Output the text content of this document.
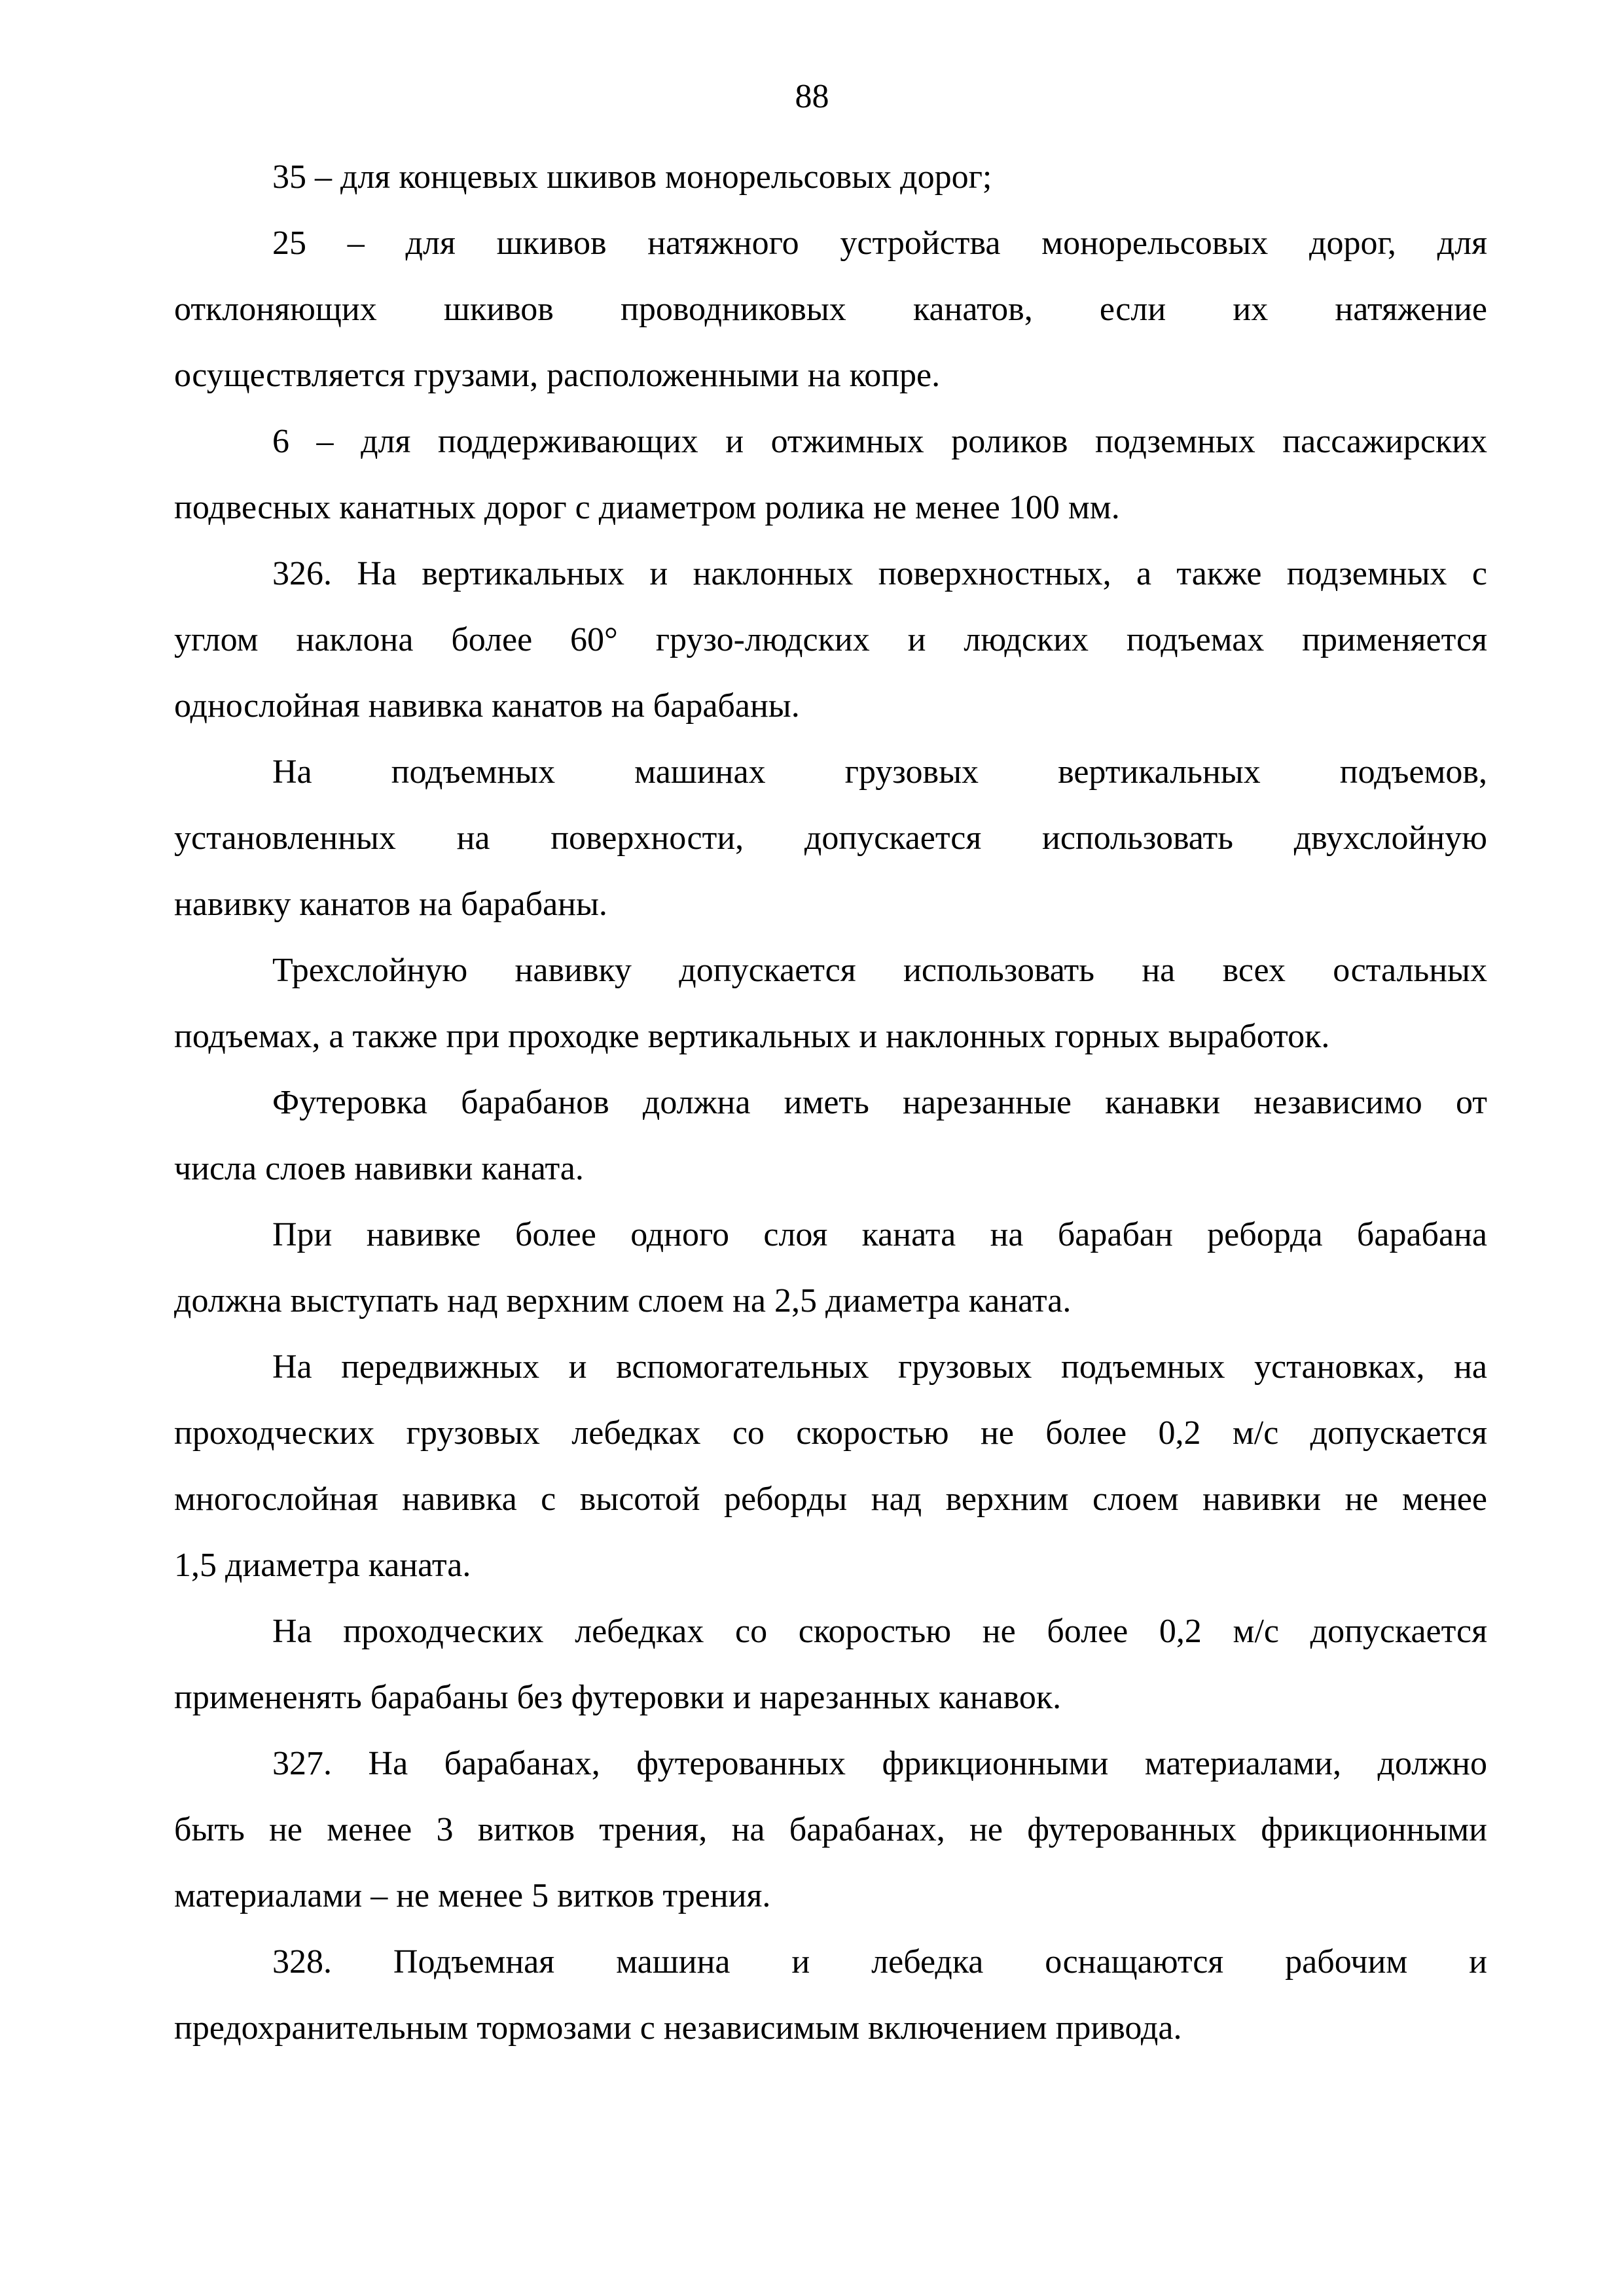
88
35 – для концевых шкивов монорельсовых дорог;
25 – для шкивов натяжного устройства монорельсовых дорог, для
отклоняющих шкивов проводниковых канатов, если их натяжение
осуществляется грузами, расположенными на копре.
6 – для поддерживающих и отжимных роликов подземных пассажирских
подвесных канатных дорог с диаметром ролика не менее 100 мм.
326. На вертикальных и наклонных поверхностных, а также подземных с
углом наклона более 60° грузо-людских и людских подъемах применяется
однослойная навивка канатов на барабаны.
На подъемных машинах грузовых вертикальных подъемов,
установленных на поверхности, допускается использовать двухслойную
навивку канатов на барабаны.
Трехслойную навивку допускается использовать на всех остальных
подъемах, а также при проходке вертикальных и наклонных горных выработок.
Футеровка барабанов должна иметь нарезанные канавки независимо от
числа слоев навивки каната.
При навивке более одного слоя каната на барабан реборда барабана
должна выступать над верхним слоем на 2,5 диаметра каната.
На передвижных и вспомогательных грузовых подъемных установках, на
проходческих грузовых лебедках со скоростью не более 0,2 м/с допускается
многослойная навивка с высотой реборды над верхним слоем навивки не менее
1,5 диаметра каната.
На проходческих лебедках со скоростью не более 0,2 м/с допускается
примененять барабаны без футеровки и нарезанных канавок.
327. На барабанах, футерованных фрикционными материалами, должно
быть не менее 3 витков трения, на барабанах, не футерованных фрикционными
материалами – не менее 5 витков трения.
328. Подъемная машина и лебедка оснащаются рабочим и
предохранительным тормозами с независимым включением привода.
